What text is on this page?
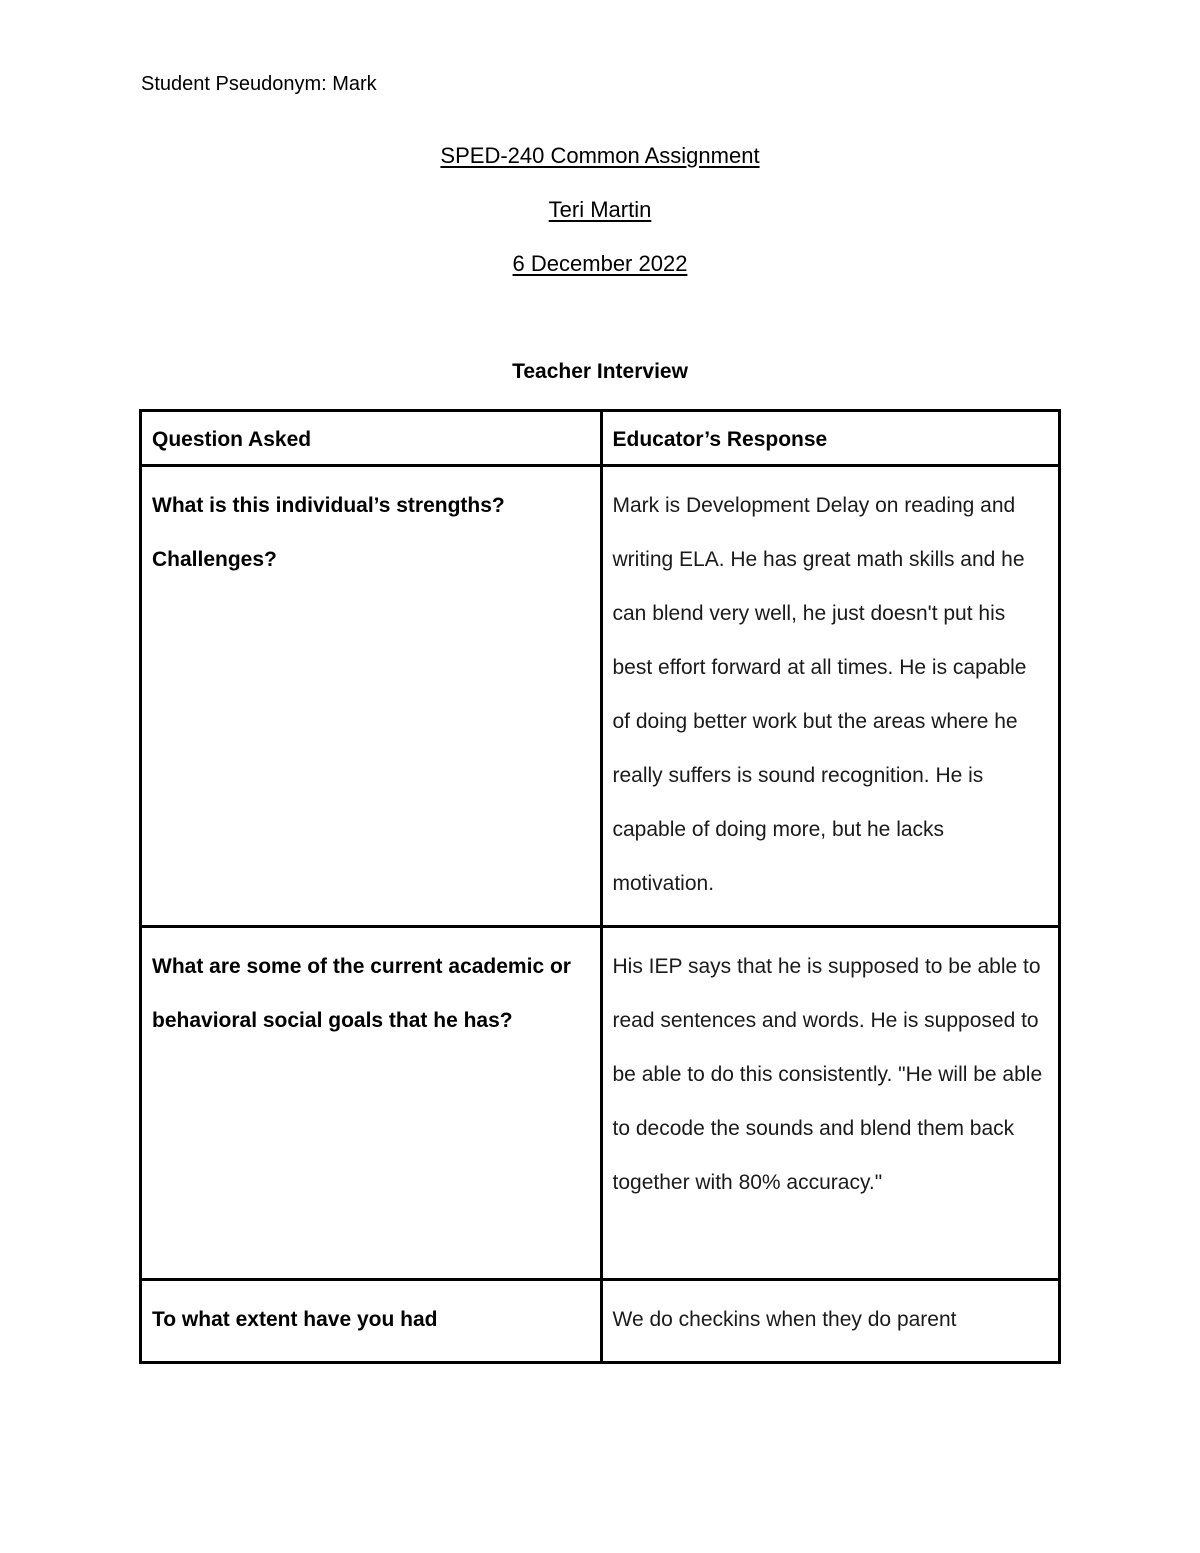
Student Pseudonym: Mark
SPED-240 Common Assignment
Teri Martin
6 December 2022
Teacher Interview
Question Asked	Educator’s Response
What is this individual’s strengths? Challenges?	Mark is Development Delay on reading and writing ELA. He has great math skills and he can blend very well, he just doesn't put his best effort forward at all times. He is capable of doing better work but the areas where he really suffers is sound recognition. He is capable of doing more, but he lacks motivation.
What are some of the current academic or behavioral social goals that he has?	His IEP says that he is supposed to be able to read sentences and words. He is supposed to be able to do this consistently. "He will be able to decode the sounds and blend them back together with 80% accuracy."
To what extent have you had	We do checkins when they do parent
